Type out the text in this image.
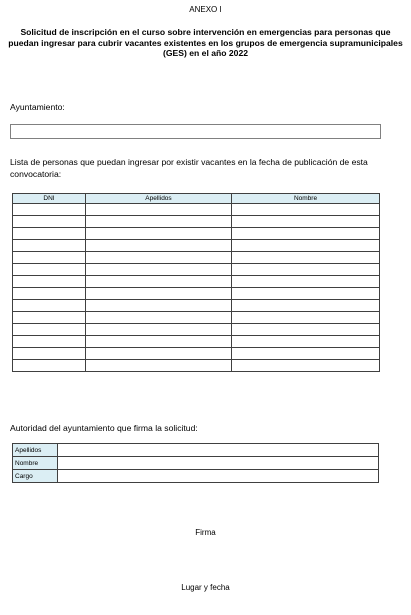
ANEXO I
Solicitud de inscripción en el curso sobre intervención en emergencias para personas que puedan ingresar para cubrir vacantes existentes en los grupos de emergencia supramunicipales (GES) en el año 2022
Ayuntamiento:
Lista de personas que puedan ingresar por existir vacantes en la fecha de publicación de esta convocatoria:
DNI	Apellidos	Nombre

Autoridad del ayuntamiento que firma la solicitud:
Apellidos	
Nombre	
Cargo	
Firma
Lugar y fecha
